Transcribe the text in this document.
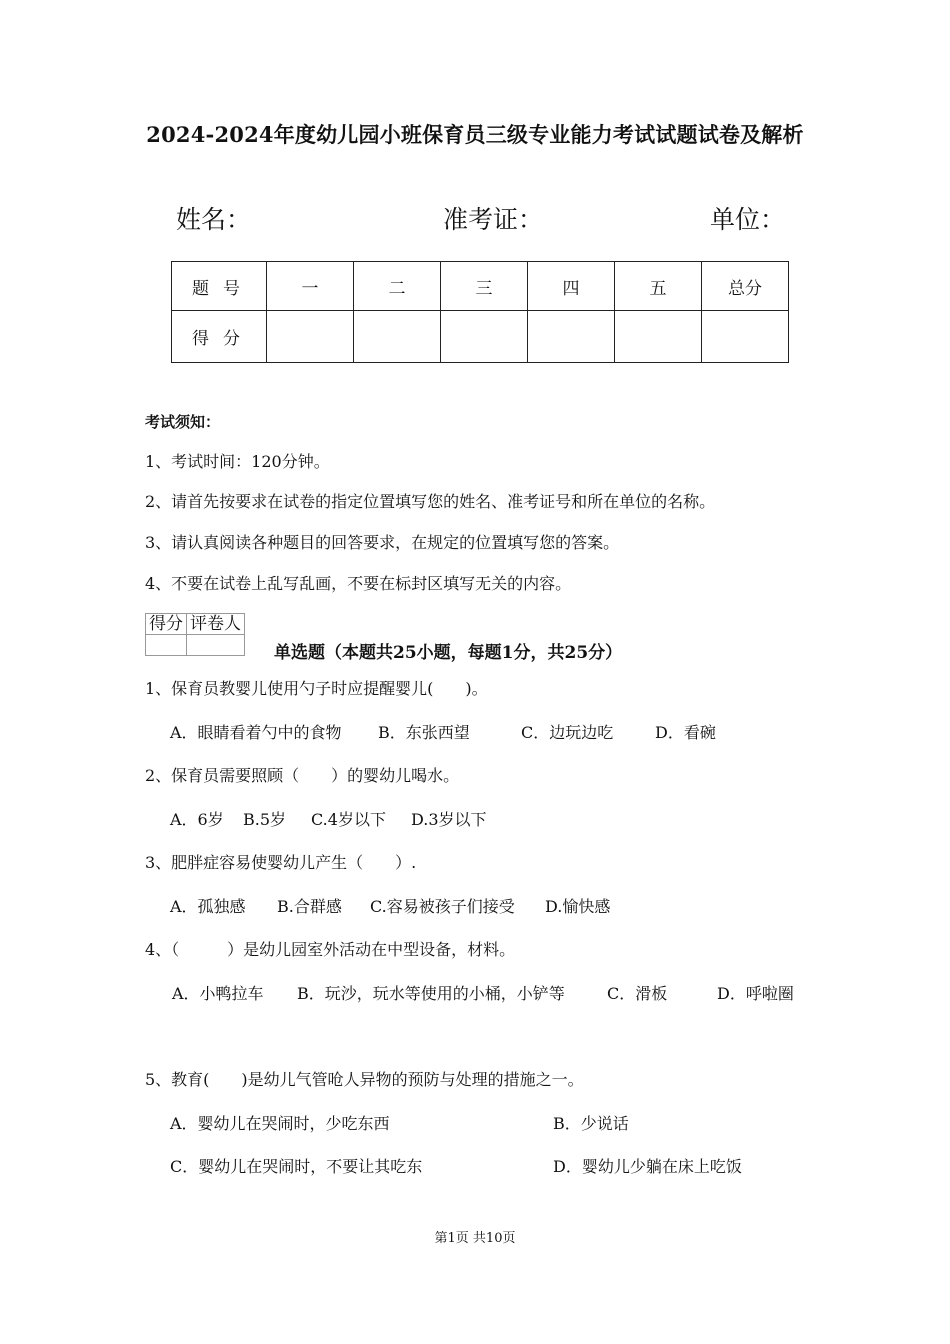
2024-2024年度幼儿园小班保育员三级专业能力考试试题试卷及解析
姓名：	准考证：	单位：
题号	一	二	三	四	五	总分
得分						
考试须知：
1、考试时间：120分钟。
2、请首先按要求在试卷的指定位置填写您的姓名、准考证号和所在单位的名称。
3、请认真阅读各种题目的回答要求，在规定的位置填写您的答案。
4、不要在试卷上乱写乱画，不要在标封区填写无关的内容。
得分	评卷人

单选题（本题共25小题，每题1分，共25分）
1、保育员教婴儿使用勺子时应提醒婴儿(　　)。
A．眼睛看着勺中的食物 B．东张西望	C．边玩边吃	D．看碗
2、保育员需要照顾（　　）的婴幼儿喝水。
A．6岁 B.5岁 C.4岁以下 D.3岁以下
3、肥胖症容易使婴幼儿产生（　　）.
A．孤独感 B.合群感 C.容易被孩子们接受 D.愉快感
4、（　　　）是幼儿园室外活动在中型设备，材料。
A．小鸭拉车 B．玩沙，玩水等使用的小桶，小铲等	C．滑板	D．呼啦圈
5、教育(　　)是幼儿气管呛人异物的预防与处理的措施之一。
A．婴幼儿在哭闹时，少吃东西	B．少说话
C．婴幼儿在哭闹时，不要让其吃东	D．婴幼儿少躺在床上吃饭
第1页 共10页
